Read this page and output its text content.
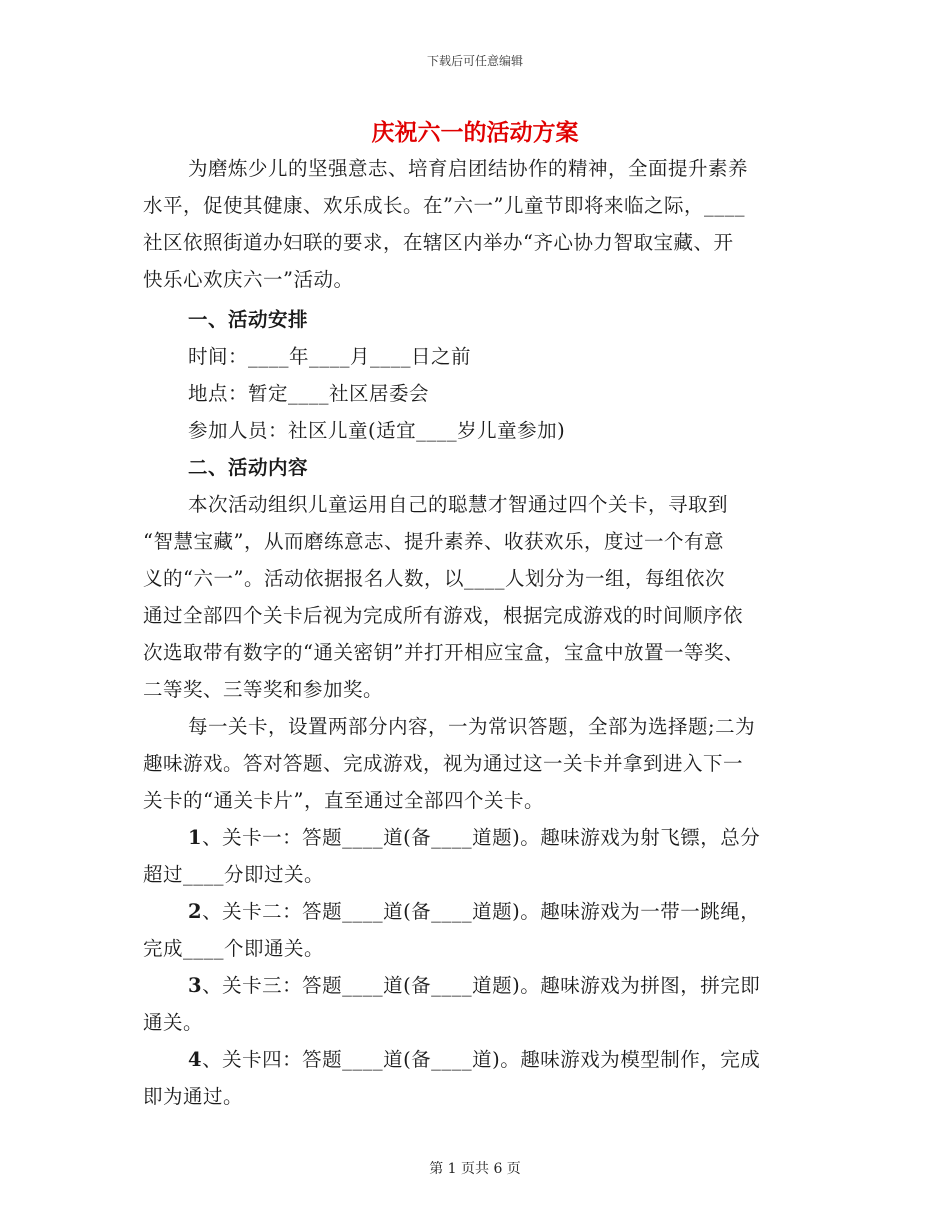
下载后可任意编辑
庆祝六一的活动方案
为磨炼少儿的坚强意志、培育启团结协作的精神，全面提升素养
水平，促使其健康、欢乐成长。在”六一”儿童节即将来临之际，____
社区依照街道办妇联的要求，在辖区内举办“齐心协力智取宝藏、开
快乐心欢庆六一”活动。
一、活动安排
时间：____年____月____日之前
地点：暂定____社区居委会
参加人员：社区儿童(适宜____岁儿童参加)
二、活动内容
本次活动组织儿童运用自己的聪慧才智通过四个关卡，寻取到
“智慧宝藏”，从而磨练意志、提升素养、收获欢乐，度过一个有意
义的“六一”。活动依据报名人数，以____人划分为一组，每组依次
通过全部四个关卡后视为完成所有游戏，根据完成游戏的时间顺序依
次选取带有数字的“通关密钥”并打开相应宝盒，宝盒中放置一等奖、
二等奖、三等奖和参加奖。
每一关卡，设置两部分内容，一为常识答题，全部为选择题;二为
趣味游戏。答对答题、完成游戏，视为通过这一关卡并拿到进入下一
关卡的“通关卡片”，直至通过全部四个关卡。
1、关卡一：答题____道(备____道题)。趣味游戏为射飞镖，总分
超过____分即过关。
2、关卡二：答题____道(备____道题)。趣味游戏为一带一跳绳，
完成____个即通关。
3、关卡三：答题____道(备____道题)。趣味游戏为拼图，拼完即
通关。
4、关卡四：答题____道(备____道)。趣味游戏为模型制作，完成
即为通过。
第 1 页共 6 页
